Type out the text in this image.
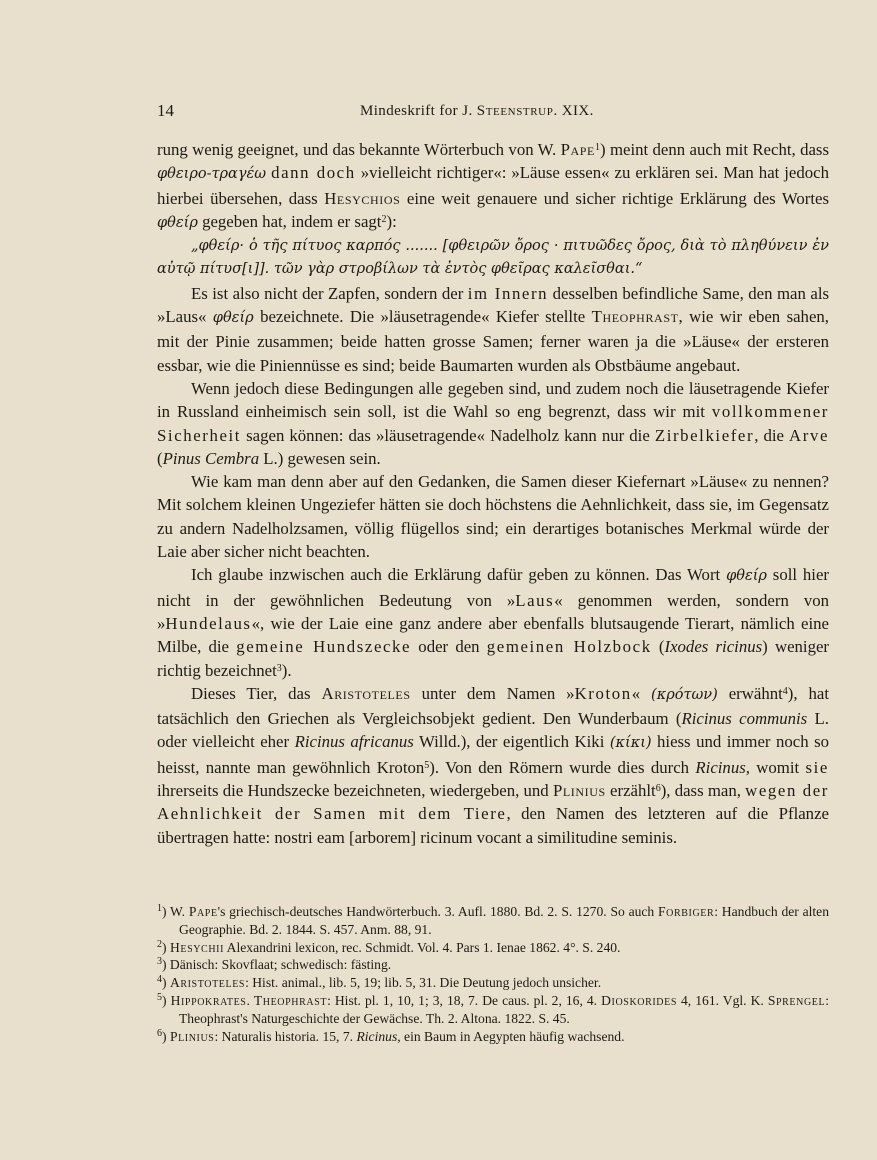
14	Mindeskrift for J. Steenstrup. XIX.

rung wenig geeignet, und das bekannte Wörterbuch von W. Pape$^1$) meint denn auch mit Recht, dass φθειρο-τραγέω dann doch »vielleicht richtiger«: »Läuse essen« zu erklären sei. Man hat jedoch hierbei übersehen, dass Hesychios eine weit genauere und sicher richtige Erklärung des Wortes φθείρ gegeben hat, indem er sagt$^2$):

„φθείρ· ὁ τῆς πίτυος καρπός ....... [φθειρῶν ὄρος · πιτυῶδες ὄρος, διὰ τὸ πληθύνειν ἐν αὐτῷ πίτυσ[ι]]. τῶν γὰρ στροβίλων τὰ ἐντὸς φθεῖρας καλεῖσθαι.“

Es ist also nicht der Zapfen, sondern der im Innern desselben befindliche Same, den man als »Laus« φθείρ bezeichnete. Die »läusetragende« Kiefer stellte Theophrast, wie wir eben sahen, mit der Pinie zusammen; beide hatten grosse Samen; ferner waren ja die »Läuse« der ersteren essbar, wie die Piniennüsse es sind; beide Baumarten wurden als Obstbäume angebaut.

Wenn jedoch diese Bedingungen alle gegeben sind, und zudem noch die läusetragende Kiefer in Russland einheimisch sein soll, ist die Wahl so eng begrenzt, dass wir mit vollkommener Sicherheit sagen können: das »läusetragende« Nadelholz kann nur die Zirbelkiefer, die Arve (Pinus Cembra L.) gewesen sein.

Wie kam man denn aber auf den Gedanken, die Samen dieser Kiefernart »Läuse« zu nennen? Mit solchem kleinen Ungeziefer hätten sie doch höchstens die Aehnlichkeit, dass sie, im Gegensatz zu andern Nadelholzsamen, völlig flügellos sind; ein derartiges botanisches Merkmal würde der Laie aber sicher nicht beachten.

Ich glaube inzwischen auch die Erklärung dafür geben zu können. Das Wort φθείρ soll hier nicht in der gewöhnlichen Bedeutung von »Laus« genommen werden, sondern von »Hundelaus«, wie der Laie eine ganz andere aber ebenfalls blutsaugende Tierart, nämlich eine Milbe, die gemeine Hundszecke oder den gemeinen Holzbock (Ixodes ricinus) weniger richtig bezeichnet$^3$).

Dieses Tier, das Aristoteles unter dem Namen »Kroton« (κρότων) erwähnt$^4$), hat tatsächlich den Griechen als Vergleichsobjekt gedient. Den Wunderbaum (Ricinus communis L. oder vielleicht eher Ricinus africanus Willd.), der eigentlich Kiki (κίκι) hiess und immer noch so heisst, nannte man gewöhnlich Kroton$^5$). Von den Römern wurde dies durch Ricinus, womit sie ihrerseits die Hundszecke bezeichneten, wiedergeben, und Plinius erzählt$^6$), dass man, wegen der Aehnlichkeit der Samen mit dem Tiere, den Namen des letzteren auf die Pflanze übertragen hatte: nostri eam [arborem] ricinum vocant a similitudine seminis.

$^1$) W. Pape's griechisch-deutsches Handwörterbuch. 3. Aufl. 1880. Bd. 2. S. 1270. So auch Forbiger: Handbuch der alten Geographie. Bd. 2. 1844. S. 457. Anm. 88, 91.

$^2$) Hesychii Alexandrini lexicon, rec. Schmidt. Vol. 4. Pars 1. Ienae 1862. 4°. S. 240.

$^3$) Dänisch: Skovflaat; schwedisch: fästing.

$^4$) Aristoteles: Hist. animal., lib. 5, 19; lib. 5, 31. Die Deutung jedoch unsicher.

$^5$) Hippokrates. Theophrast: Hist. pl. 1, 10, 1; 3, 18, 7. De caus. pl. 2, 16, 4. Dioskorides 4, 161. Vgl. K. Sprengel: Theophrast's Naturgeschichte der Gewächse. Th. 2. Altona. 1822. S. 45.

$^6$) Plinius: Naturalis historia. 15, 7. Ricinus, ein Baum in Aegypten häufig wachsend.
